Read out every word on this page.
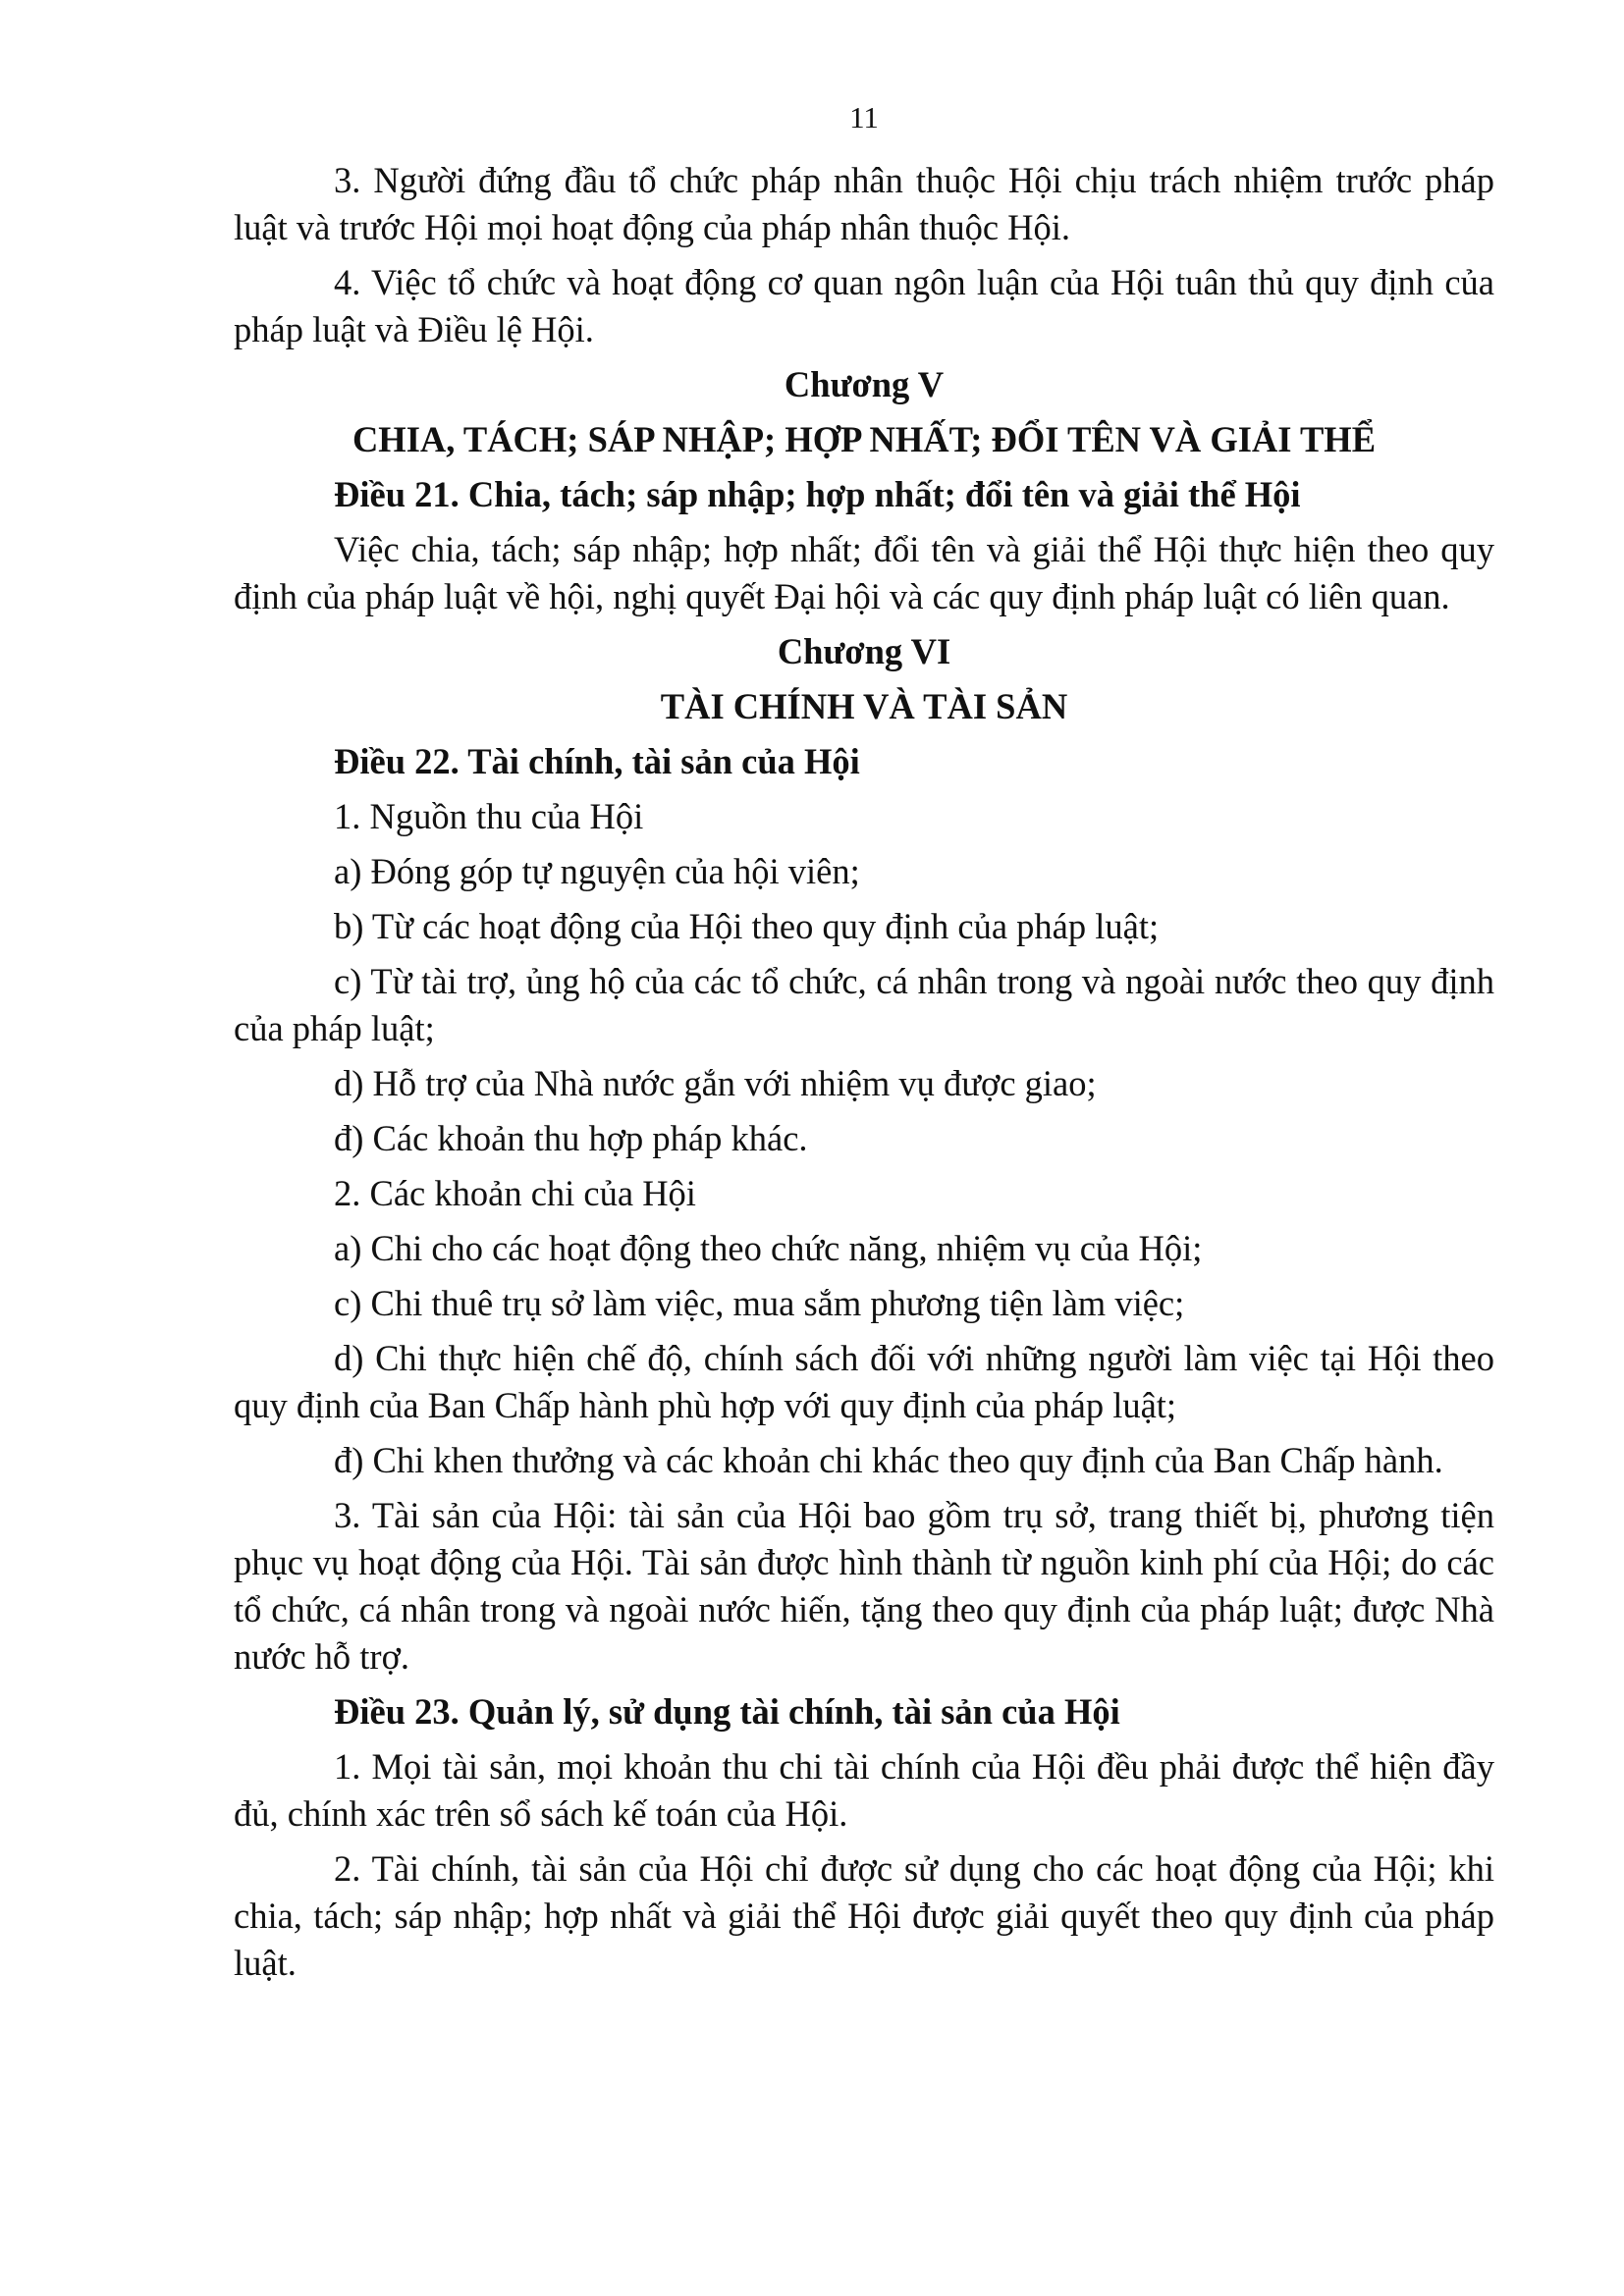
11

3. Người đứng đầu tổ chức pháp nhân thuộc Hội chịu trách nhiệm trước pháp luật và trước Hội mọi hoạt động của pháp nhân thuộc Hội.

4. Việc tổ chức và hoạt động cơ quan ngôn luận của Hội tuân thủ quy định của pháp luật và Điều lệ Hội.

Chương V
CHIA, TÁCH; SÁP NHẬP; HỢP NHẤT; ĐỔI TÊN VÀ GIẢI THỂ
Điều 21. Chia, tách; sáp nhập; hợp nhất; đổi tên và giải thể Hội

Việc chia, tách; sáp nhập; hợp nhất; đổi tên và giải thể Hội thực hiện theo quy định của pháp luật về hội, nghị quyết Đại hội và các quy định pháp luật có liên quan.

Chương VI
TÀI CHÍNH VÀ TÀI SẢN
Điều 22. Tài chính, tài sản của Hội

1. Nguồn thu của Hội

a) Đóng góp tự nguyện của hội viên;

b) Từ các hoạt động của Hội theo quy định của pháp luật;

c) Từ tài trợ, ủng hộ của các tổ chức, cá nhân trong và ngoài nước theo quy định của pháp luật;

d) Hỗ trợ của Nhà nước gắn với nhiệm vụ được giao;

đ) Các khoản thu hợp pháp khác.

2. Các khoản chi của Hội

a) Chi cho các hoạt động theo chức năng, nhiệm vụ của Hội;

c) Chi thuê trụ sở làm việc, mua sắm phương tiện làm việc;

d) Chi thực hiện chế độ, chính sách đối với những người làm việc tại Hội theo quy định của Ban Chấp hành phù hợp với quy định của pháp luật;

đ) Chi khen thưởng và các khoản chi khác theo quy định của Ban Chấp hành.

3. Tài sản của Hội: tài sản của Hội bao gồm trụ sở, trang thiết bị, phương tiện phục vụ hoạt động của Hội. Tài sản được hình thành từ nguồn kinh phí của Hội; do các tổ chức, cá nhân trong và ngoài nước hiến, tặng theo quy định của pháp luật; được Nhà nước hỗ trợ.

Điều 23. Quản lý, sử dụng tài chính, tài sản của Hội

1. Mọi tài sản, mọi khoản thu chi tài chính của Hội đều phải được thể hiện đầy đủ, chính xác trên sổ sách kế toán của Hội.

2. Tài chính, tài sản của Hội chỉ được sử dụng cho các hoạt động của Hội; khi chia, tách; sáp nhập; hợp nhất và giải thể Hội được giải quyết theo quy định của pháp luật.
